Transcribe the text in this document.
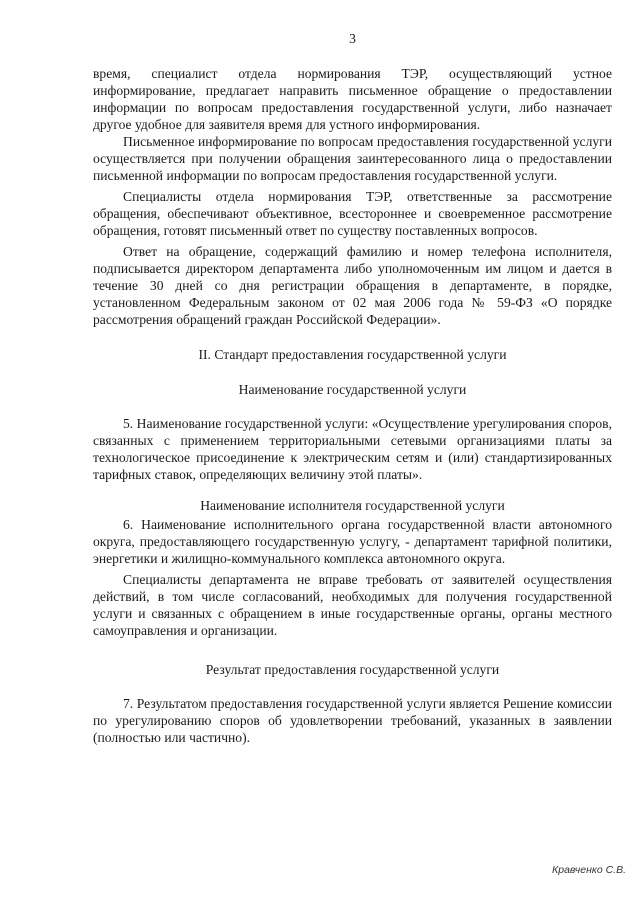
3

время, специалист отдела нормирования ТЭР, осуществляющий устное информирование, предлагает направить письменное обращение о предоставлении информации по вопросам предоставления государственной услуги, либо назначает другое удобное для заявителя время для устного информирования.

Письменное информирование по вопросам предоставления государственной услуги осуществляется при получении обращения заинтересованного лица о предоставлении письменной информации по вопросам предоставления государственной услуги.

Специалисты отдела нормирования ТЭР, ответственные за рассмотрение обращения, обеспечивают объективное, всестороннее и своевременное рассмотрение обращения, готовят письменный ответ по существу поставленных вопросов.

Ответ на обращение, содержащий фамилию и номер телефона исполнителя, подписывается директором департамента либо уполномоченным им лицом и дается в течение 30 дней со дня регистрации обращения в департаменте, в порядке, установленном Федеральным законом от 02 мая 2006 года № 59-ФЗ «О порядке рассмотрения обращений граждан Российской Федерации».

II. Стандарт предоставления государственной услуги
Наименование государственной услуги

5. Наименование государственной услуги: «Осуществление урегулирования споров, связанных с применением территориальными сетевыми организациями платы за технологическое присоединение к электрическим сетям и (или) стандартизированных тарифных ставок, определяющих величину этой платы».

Наименование исполнителя государственной услуги

6. Наименование исполнительного органа государственной власти автономного округа, предоставляющего государственную услугу, - департамент тарифной политики, энергетики и жилищно-коммунального комплекса автономного округа.

Специалисты департамента не вправе требовать от заявителей осуществления действий, в том числе согласований, необходимых для получения государственной услуги и связанных с обращением в иные государственные органы, органы местного самоуправления и организации.

Результат предоставления государственной услуги

7. Результатом предоставления государственной услуги является Решение комиссии по урегулированию споров об удовлетворении требований, указанных в заявлении (полностью или частично).

Кравченко С.В.
